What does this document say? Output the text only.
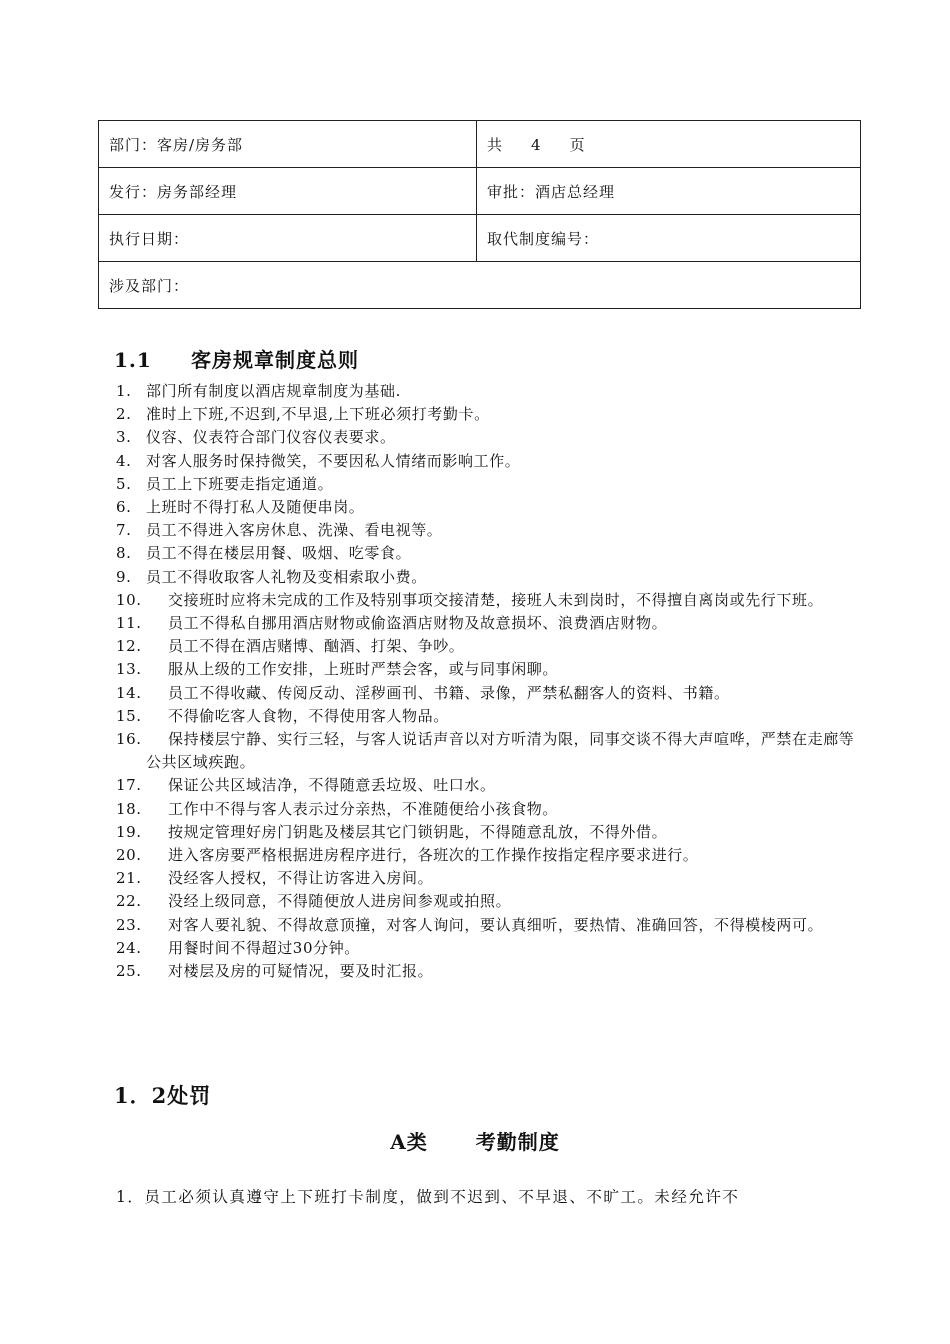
部门：客房/房务部	共 4 页
发行：房务部经理	审批：酒店总经理
执行日期：	取代制度编号：
涉及部门：	
1.1 客房规章制度总则
1. 部门所有制度以酒店规章制度为基础.
2. 准时上下班,不迟到,不早退,上下班必须打考勤卡。
3. 仪容、仪表符合部门仪容仪表要求。
4. 对客人服务时保持微笑，不要因私人情绪而影响工作。
5. 员工上下班要走指定通道。
6. 上班时不得打私人及随便串岗。
7. 员工不得进入客房休息、洗澡、看电视等。
8. 员工不得在楼层用餐、吸烟、吃零食。
9. 员工不得收取客人礼物及变相索取小费。
10.	交接班时应将未完成的工作及特别事项交接清楚，接班人未到岗时，不得擅自离岗或先行下班。
11.	员工不得私自挪用酒店财物或偷盗酒店财物及故意损坏、浪费酒店财物。
12.	员工不得在酒店赌博、酗酒、打架、争吵。
13.	服从上级的工作安排，上班时严禁会客，或与同事闲聊。
14.	员工不得收藏、传阅反动、淫秽画刊、书籍、录像，严禁私翻客人的资料、书籍。
15.	不得偷吃客人食物，不得使用客人物品。
16.	保持楼层宁静、实行三轻，与客人说话声音以对方听清为限，同事交谈不得大声喧哗，严禁在走廊等公共区域疾跑。
17.	保证公共区域洁净，不得随意丢垃圾、吐口水。
18.	工作中不得与客人表示过分亲热，不准随便给小孩食物。
19.	按规定管理好房门钥匙及楼层其它门锁钥匙，不得随意乱放，不得外借。
20.	进入客房要严格根据进房程序进行，各班次的工作操作按指定程序要求进行。
21.	没经客人授权，不得让访客进入房间。
22.	没经上级同意，不得随便放人进房间参观或拍照。
23.	对客人要礼貌、不得故意顶撞，对客人询问，要认真细听，要热情、准确回答，不得模棱两可。
24.	用餐时间不得超过30分钟。
25.	对楼层及房的可疑情况，要及时汇报。
1．2处罚
A类 考勤制度
1．员工必须认真遵守上下班打卡制度，做到不迟到、不早退、不旷工。未经允许不
